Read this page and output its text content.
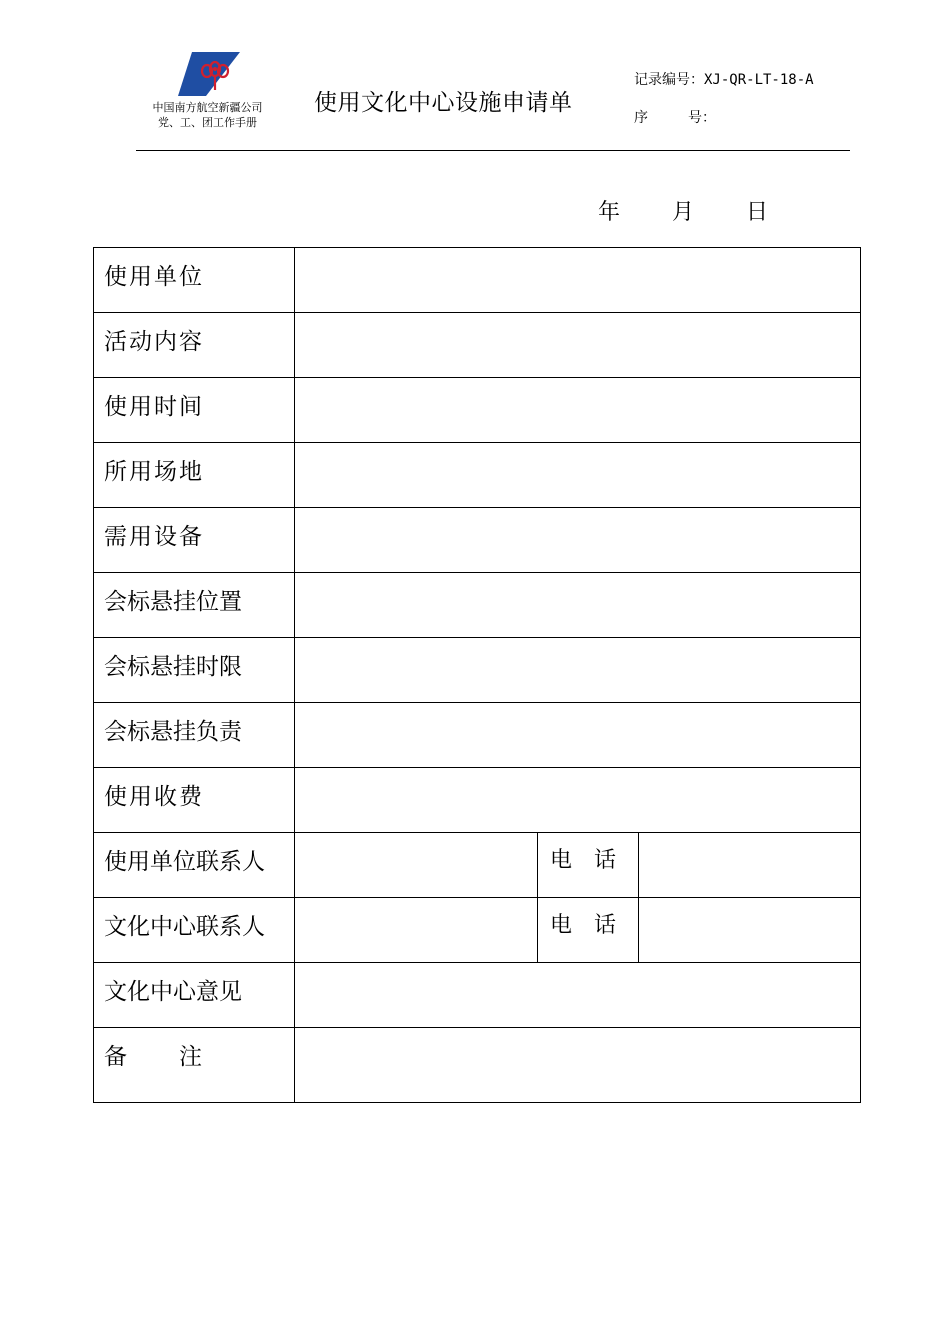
中国南方航空新疆公司
党、工、团工作手册
使用文化中心设施申请单
记录编号：XJ-QR-LT-18-A
序	号：
年 月 日
使用单位			
活动内容			
使用时间			
所用场地			
需用设备			
会标悬挂位置			
会标悬挂时限			
会标悬挂负责			
使用收费			
使用单位联系人		电 话	
文化中心联系人		电 话	
文化中心意见			
备 注			
